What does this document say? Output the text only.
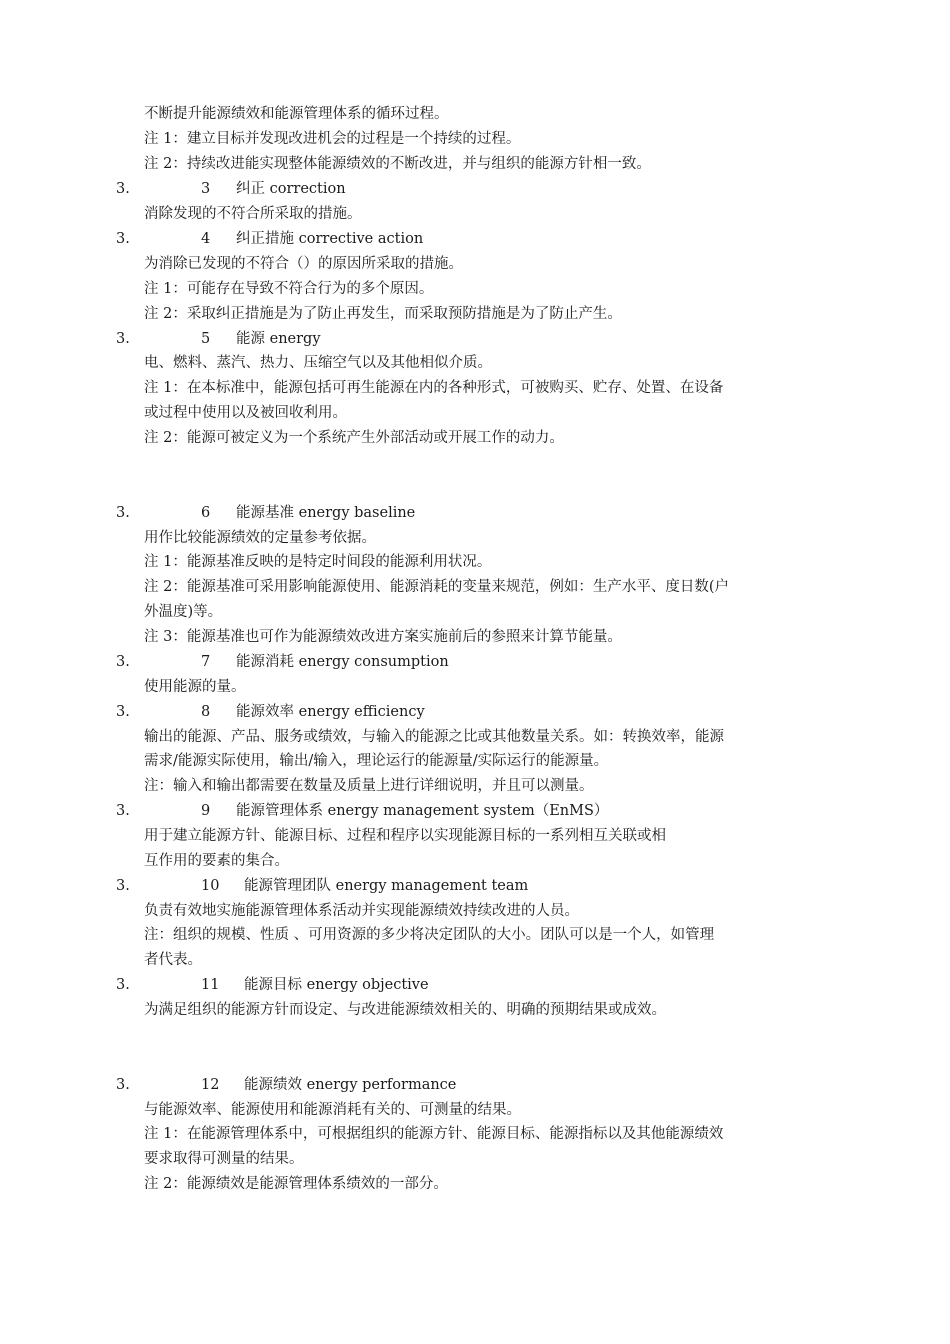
不断提升能源绩效和能源管理体系的循环过程。
注 1：建立目标并发现改进机会的过程是一个持续的过程。
注 2：持续改进能实现整体能源绩效的不断改进，并与组织的能源方针相一致。
3.	3 纠正 correction
消除发现的不符合所采取的措施。
3.	4 纠正措施 corrective action
为消除已发现的不符合（）的原因所采取的措施。
注 1：可能存在导致不符合行为的多个原因。
注 2：采取纠正措施是为了防止再发生，而采取预防措施是为了防止产生。
3.	5 能源 energy
电、燃料、蒸汽、热力、压缩空气以及其他相似介质。
注 1：在本标准中，能源包括可再生能源在内的各种形式，可被购买、贮存、处置、在设备
或过程中使用以及被回收利用。
注 2：能源可被定义为一个系统产生外部活动或开展工作的动力。
3.	6 能源基准 energy baseline
用作比较能源绩效的定量参考依据。
注 1：能源基准反映的是特定时间段的能源利用状况。
注 2：能源基准可采用影响能源使用、能源消耗的变量来规范，例如：生产水平、度日数(户
外温度)等。
注 3：能源基准也可作为能源绩效改进方案实施前后的参照来计算节能量。
3.	7 能源消耗 energy consumption
使用能源的量。
3.	8 能源效率 energy efficiency
输出的能源、产品、服务或绩效，与输入的能源之比或其他数量关系。如：转换效率，能源
需求/能源实际使用，输出/输入，理论运行的能源量/实际运行的能源量。
注：输入和输出都需要在数量及质量上进行详细说明，并且可以测量。
3.	9 能源管理体系 energy management system（EnMS）
用于建立能源方针、能源目标、过程和程序以实现能源目标的一系列相互关联或相
互作用的要素的集合。
3.	10 能源管理团队 energy management team
负责有效地实施能源管理体系活动并实现能源绩效持续改进的人员。
注：组织的规模、性质 、可用资源的多少将决定团队的大小。团队可以是一个人，如管理
者代表。
3.	11 能源目标 energy objective
为满足组织的能源方针而设定、与改进能源绩效相关的、明确的预期结果或成效。
3.	12 能源绩效 energy performance
与能源效率、能源使用和能源消耗有关的、可测量的结果。
注 1：在能源管理体系中，可根据组织的能源方针、能源目标、能源指标以及其他能源绩效
要求取得可测量的结果。
注 2：能源绩效是能源管理体系绩效的一部分。
